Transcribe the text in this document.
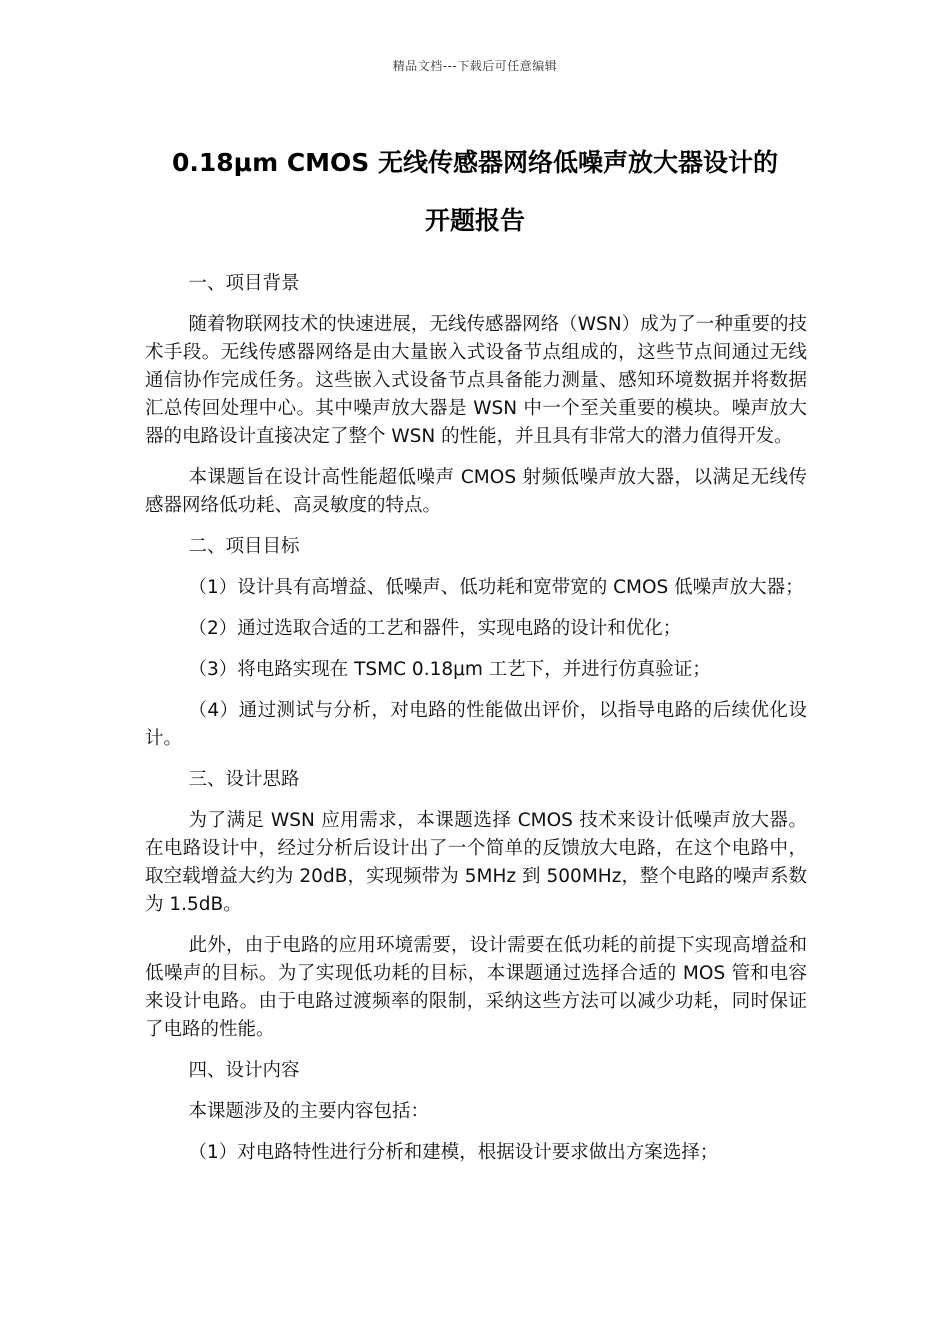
精品文档---下载后可任意编辑
0.18μm CMOS 无线传感器网络低噪声放大器设计的
开题报告
一、项目背景

随着物联网技术的快速进展，无线传感器网络（WSN）成为了一种重要的技术手段。无线传感器网络是由大量嵌入式设备节点组成的，这些节点间通过无线通信协作完成任务。这些嵌入式设备节点具备能力测量、感知环境数据并将数据汇总传回处理中心。其中噪声放大器是 WSN 中一个至关重要的模块。噪声放大器的电路设计直接决定了整个 WSN 的性能，并且具有非常大的潜力值得开发。

本课题旨在设计高性能超低噪声 CMOS 射频低噪声放大器，以满足无线传感器网络低功耗、高灵敏度的特点。

二、项目目标

（1）设计具有高增益、低噪声、低功耗和宽带宽的 CMOS 低噪声放大器；

（2）通过选取合适的工艺和器件，实现电路的设计和优化；

（3）将电路实现在 TSMC 0.18μm 工艺下，并进行仿真验证；

（4）通过测试与分析，对电路的性能做出评价，以指导电路的后续优化设计。

三、设计思路

为了满足 WSN 应用需求，本课题选择 CMOS 技术来设计低噪声放大器。在电路设计中，经过分析后设计出了一个简单的反馈放大电路，在这个电路中，取空载增益大约为 20dB，实现频带为 5MHz 到 500MHz，整个电路的噪声系数为 1.5dB。

此外，由于电路的应用环境需要，设计需要在低功耗的前提下实现高增益和低噪声的目标。为了实现低功耗的目标，本课题通过选择合适的 MOS 管和电容来设计电路。由于电路过渡频率的限制，采纳这些方法可以减少功耗，同时保证了电路的性能。

四、设计内容

本课题涉及的主要内容包括：

（1）对电路特性进行分析和建模，根据设计要求做出方案选择；
